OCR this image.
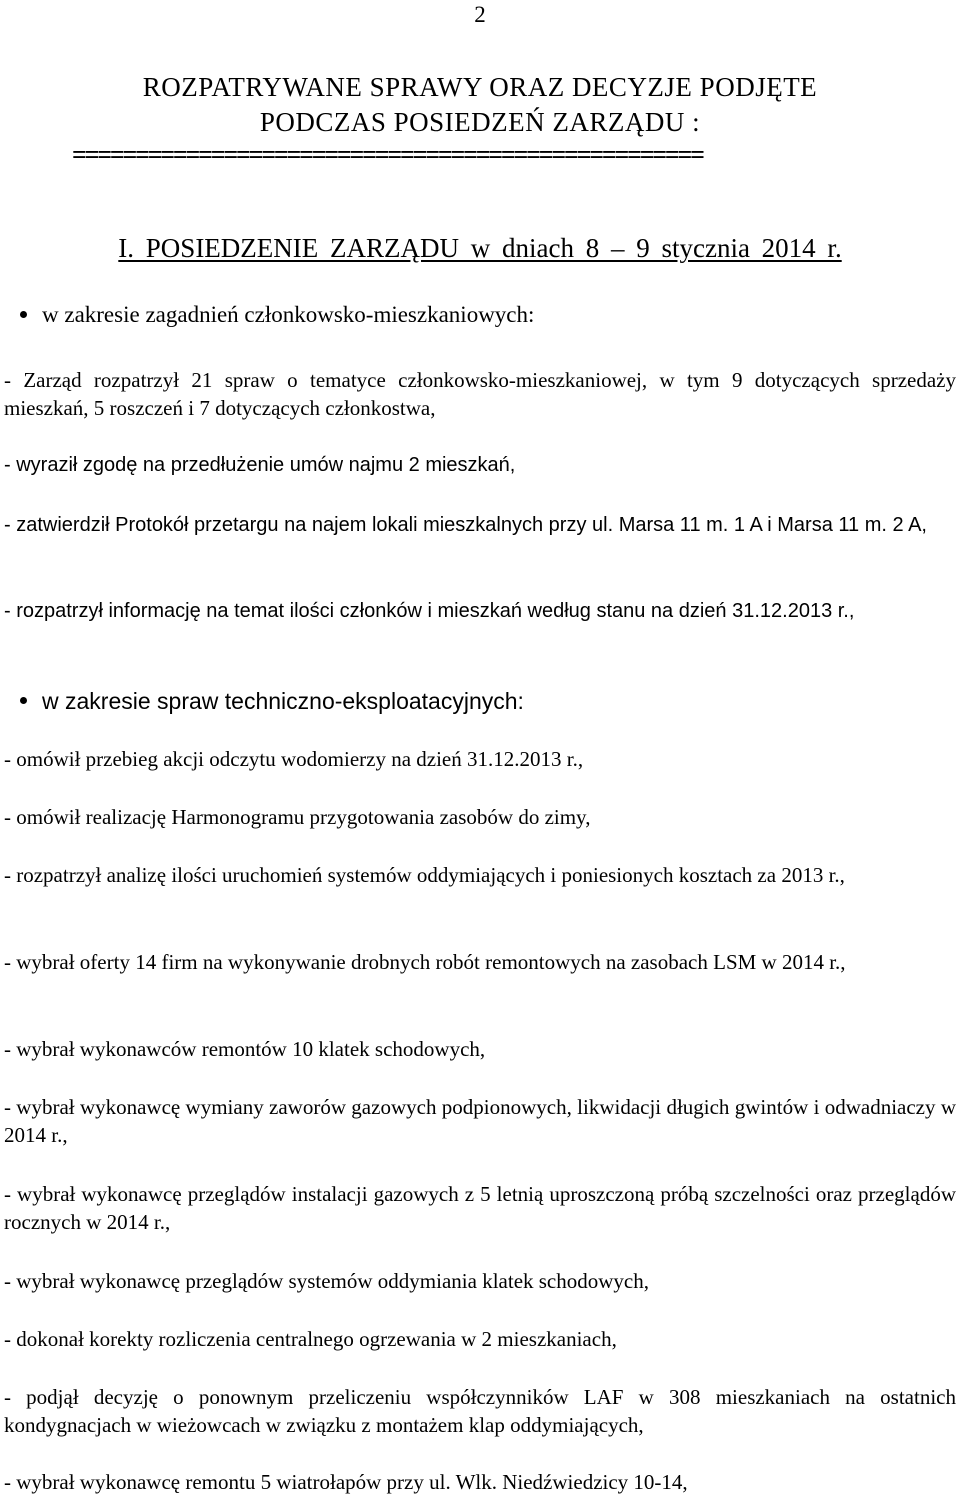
2
ROZPATRYWANE SPRAWY ORAZ DECYZJE PODJĘTE
PODCZAS POSIEDZEŃ ZARZĄDU :
==================================================
I. POSIEDZENIE ZARZĄDU w dniach 8 – 9 stycznia 2014 r.
w zakresie zagadnień członkowsko-mieszkaniowych:
- Zarząd rozpatrzył 21 spraw o tematyce członkowsko-mieszkaniowej, w tym 9 dotyczących sprzedaży mieszkań, 5 roszczeń i 7 dotyczących członkostwa,
- wyraził zgodę na przedłużenie umów najmu 2 mieszkań,
- zatwierdził Protokół przetargu na najem lokali mieszkalnych przy ul. Marsa 11 m. 1 A i Marsa 11 m. 2 A,
- rozpatrzył informację na temat ilości członków i mieszkań według stanu na dzień 31.12.2013 r.,
w zakresie spraw techniczno-eksploatacyjnych:
- omówił przebieg akcji odczytu wodomierzy na dzień 31.12.2013 r.,
- omówił realizację Harmonogramu przygotowania zasobów do zimy,
- rozpatrzył analizę ilości uruchomień systemów oddymiających i poniesionych kosztach za 2013 r.,
- wybrał oferty 14 firm na wykonywanie drobnych robót remontowych na zasobach LSM w 2014 r.,
- wybrał wykonawców remontów 10 klatek schodowych,
- wybrał wykonawcę wymiany zaworów gazowych podpionowych, likwidacji długich gwintów i odwadniaczy w 2014 r.,
- wybrał wykonawcę przeglądów instalacji gazowych z 5 letnią uproszczoną próbą szczelności oraz przeglądów rocznych w 2014 r.,
- wybrał wykonawcę przeglądów systemów oddymiania klatek schodowych,
- dokonał korekty rozliczenia centralnego ogrzewania w 2 mieszkaniach,
- podjął decyzję o ponownym przeliczeniu współczynników LAF w 308 mieszkaniach na ostatnich kondygnacjach w wieżowcach w związku z montażem klap oddymiających,
- wybrał wykonawcę remontu 5 wiatrołapów przy ul. Wlk. Niedźwiedzicy 10-14,
